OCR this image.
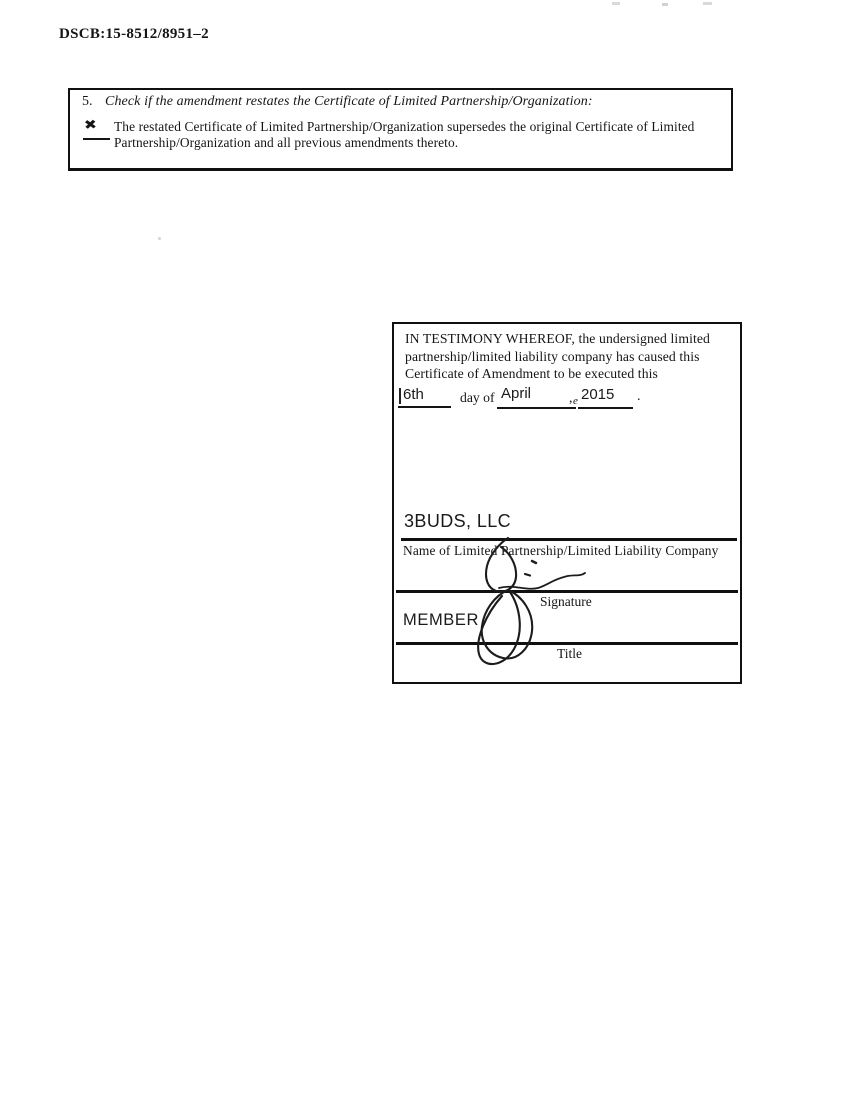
DSCB:15-8512/8951–2
5. Check if the amendment restates the Certificate of Limited Partnership/Organization:
✖ The restated Certificate of Limited Partnership/Organization supersedes the original Certificate of Limited
Partnership/Organization and all previous amendments thereto.
IN TESTIMONY WHEREOF, the undersigned limited
partnership/limited liability company has caused this
Certificate of Amendment to be executed this
6th	day of April	, e 2015 .
3BUDS, LLC
Name of Limited Partnership/Limited Liability Company
Signature
MEMBER
Title
